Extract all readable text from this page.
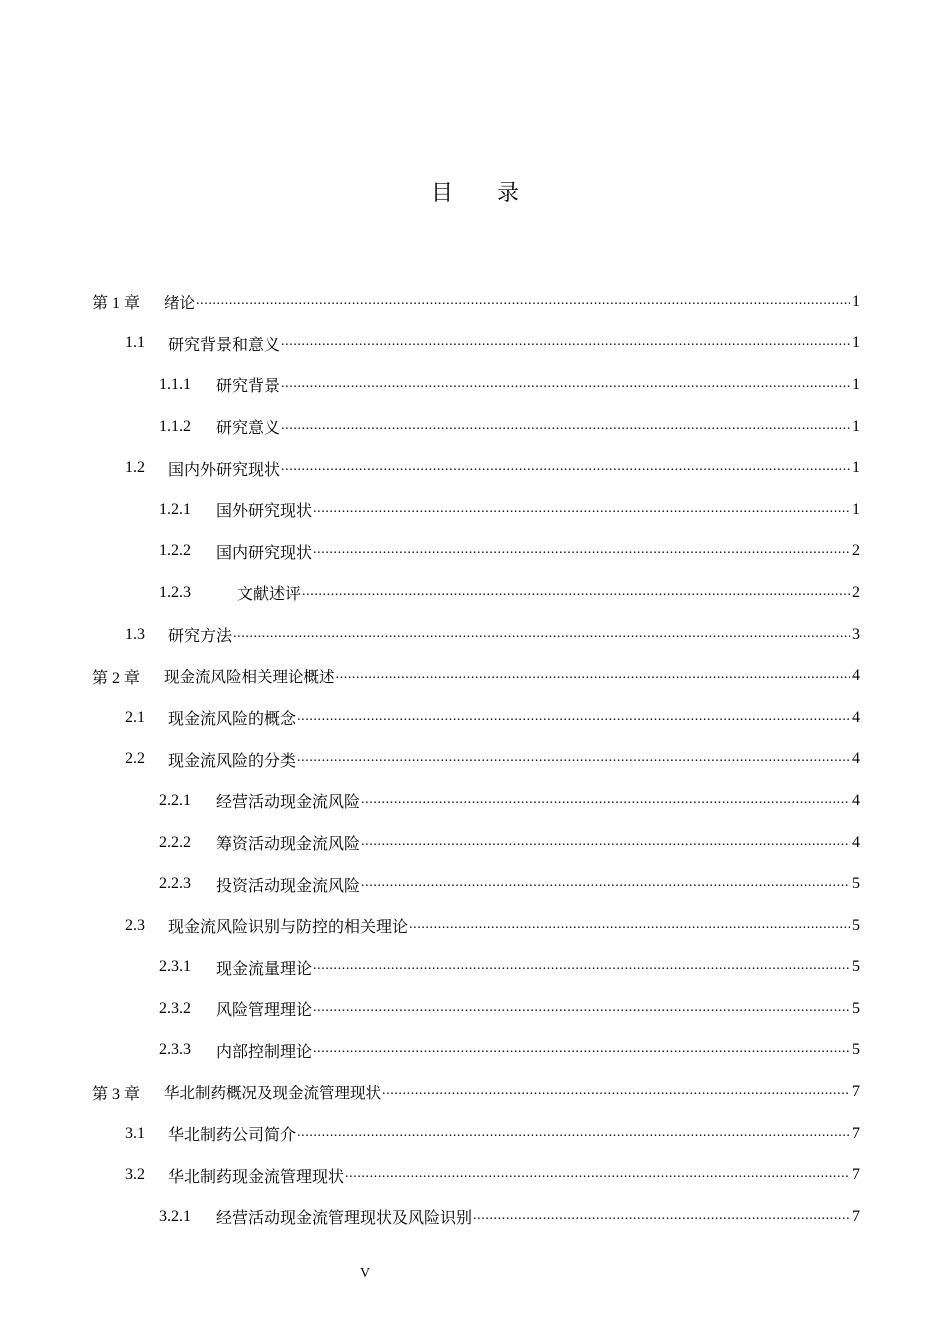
目 录
第 1 章	绪论 .....	1
1.1	研究背景和意义 .....	1
1.1.1	研究背景 .....	1
1.1.2	研究意义 .....	1
1.2	国内外研究现状 .....	1
1.2.1	国外研究现状 .....	1
1.2.2	国内研究现状 .....	2
1.2.3	文献述评 .....	2
1.3	研究方法 .....	3
第 2 章	现金流风险相关理论概述 .....	4
2.1	现金流风险的概念 .....	4
2.2	现金流风险的分类 .....	4
2.2.1	经营活动现金流风险 .....	4
2.2.2	筹资活动现金流风险 .....	4
2.2.3	投资活动现金流风险 .....	5
2.3	现金流风险识别与防控的相关理论 .....	5
2.3.1	现金流量理论 .....	5
2.3.2	风险管理理论 .....	5
2.3.3	内部控制理论 .....	5
第 3 章	华北制药概况及现金流管理现状 .....	7
3.1	华北制药公司简介 .....	7
3.2	华北制药现金流管理现状 .....	7
3.2.1	经营活动现金流管理现状及风险识别 .....	7
V
